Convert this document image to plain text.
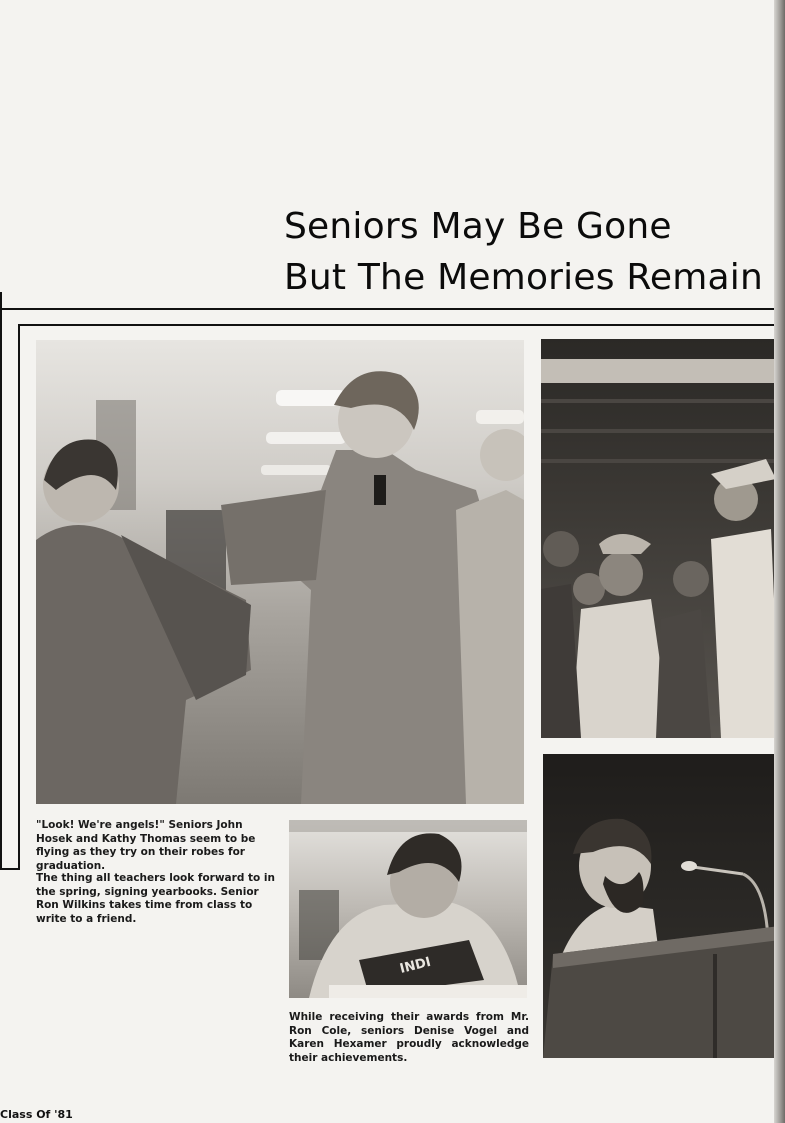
Seniors May Be Gone
But The Memories Remain
INDI

"Look! We're angels!" Seniors John Hosek and Kathy Thomas seem to be flying as they try on their robes for graduation.

The thing all teachers look forward to in the spring, signing yearbooks. Senior Ron Wilkins takes time from class to write to a friend.

While receiving their awards from Mr. Ron Cole, seniors Denise Vogel and Karen Hexamer proudly acknowledge their achievements.

Class Of '81
